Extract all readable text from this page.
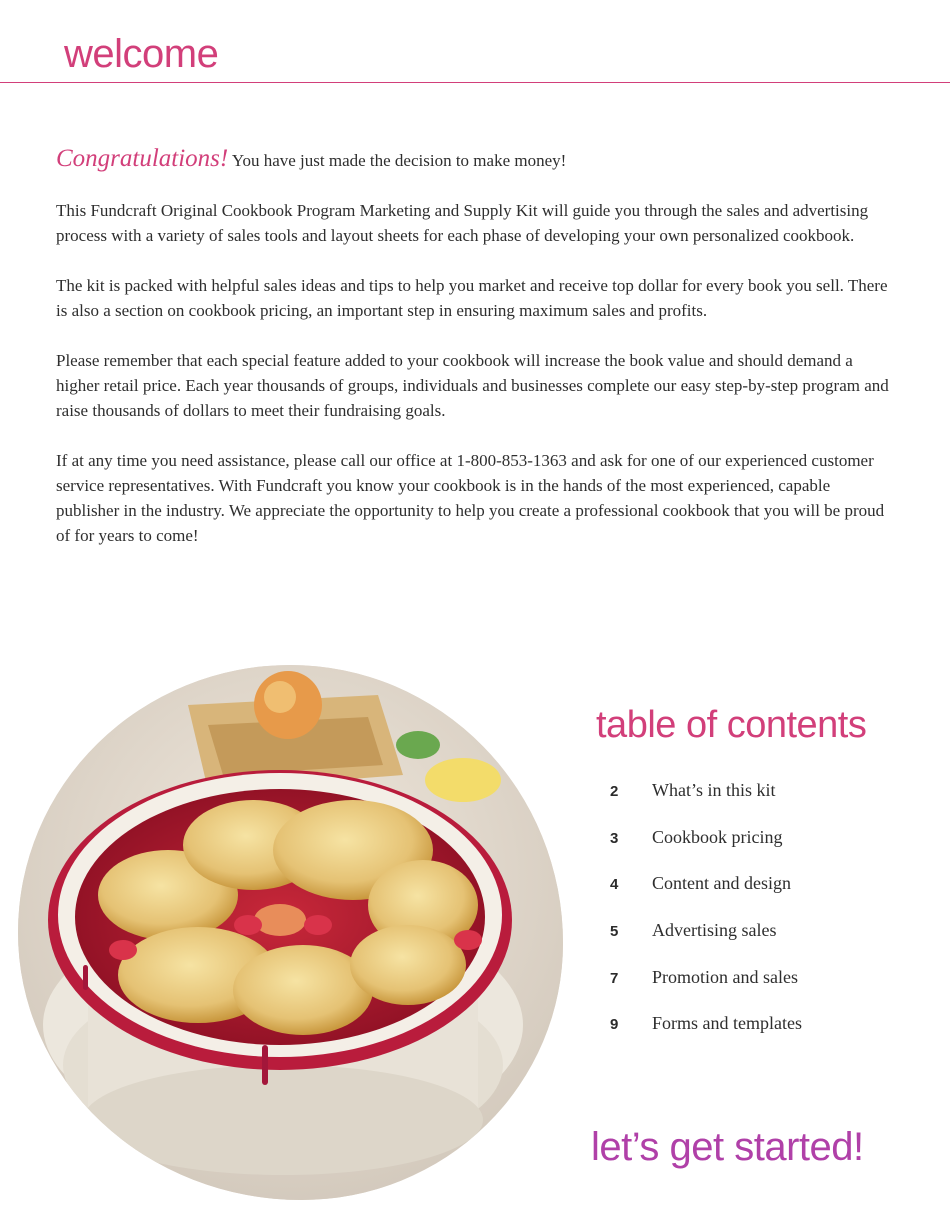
welcome

Congratulations! You have just made the decision to make money!

This Fundcraft Original Cookbook Program Marketing and Supply Kit will guide you through the sales and advertising process with a variety of sales tools and layout sheets for each phase of developing your own personalized cookbook.

The kit is packed with helpful sales ideas and tips to help you market and receive top dollar for every book you sell. There is also a section on cookbook pricing, an important step in ensuring maximum sales and profits.

Please remember that each special feature added to your cookbook will increase the book value and should demand a higher retail price. Each year thousands of groups, individuals and businesses complete our easy step-by-step program and raise thousands of dollars to meet their fundraising goals.

If at any time you need assistance, please call our office at 1-800-853-1363 and ask for one of our experienced customer service representatives. With Fundcraft you know your cookbook is in the hands of the most experienced, capable publisher in the industry. We appreciate the opportunity to help you create a professional cookbook that you will be proud of for years to come!

table of contents
2	What’s in this kit
3	Cookbook pricing
4	Content and design
5	Advertising sales
7	Promotion and sales
9	Forms and templates
let’s get started!
